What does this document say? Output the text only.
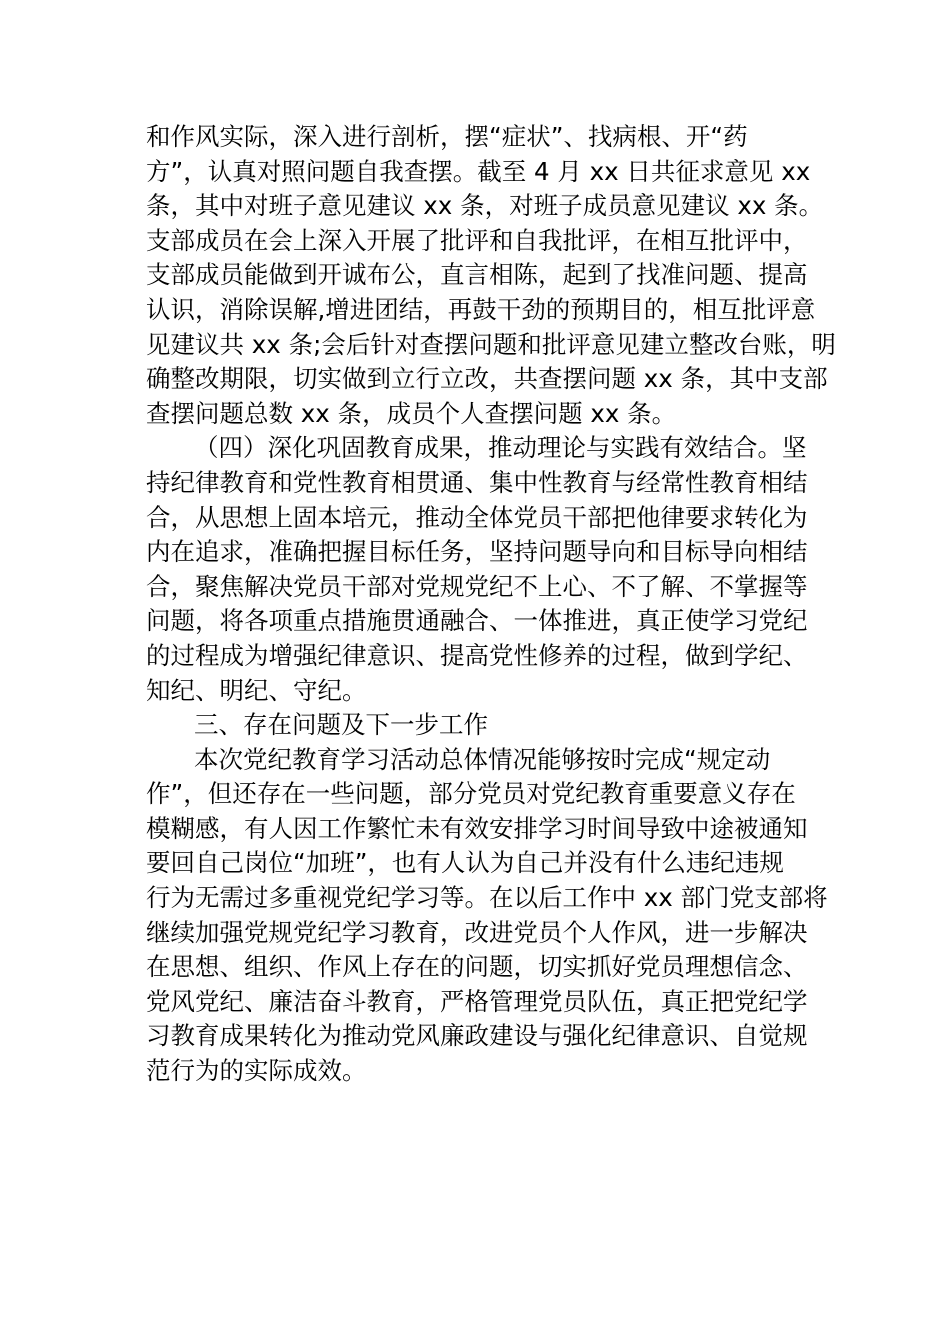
和作风实际，深入进行剖析，摆“症状”、找病根、开“药
方”，认真对照问题自我查摆。截至 4 月 xx 日共征求意见 xx
条，其中对班子意见建议 xx 条，对班子成员意见建议 xx 条。
支部成员在会上深入开展了批评和自我批评，在相互批评中，
支部成员能做到开诚布公，直言相陈，起到了找准问题、提高
认识，消除误解,增进团结，再鼓干劲的预期目的，相互批评意
见建议共 xx 条;会后针对查摆问题和批评意见建立整改台账，明
确整改期限，切实做到立行立改，共查摆问题 xx 条，其中支部
查摆问题总数 xx 条，成员个人查摆问题 xx 条。
（四）深化巩固教育成果，推动理论与实践有效结合。坚
持纪律教育和党性教育相贯通、集中性教育与经常性教育相结
合，从思想上固本培元，推动全体党员干部把他律要求转化为
内在追求，准确把握目标任务，坚持问题导向和目标导向相结
合，聚焦解决党员干部对党规党纪不上心、不了解、不掌握等
问题，将各项重点措施贯通融合、一体推进，真正使学习党纪
的过程成为增强纪律意识、提高党性修养的过程，做到学纪、
知纪、明纪、守纪。
三、存在问题及下一步工作
本次党纪教育学习活动总体情况能够按时完成“规定动
作”，但还存在一些问题，部分党员对党纪教育重要意义存在
模糊感，有人因工作繁忙未有效安排学习时间导致中途被通知
要回自己岗位“加班”，也有人认为自己并没有什么违纪违规
行为无需过多重视党纪学习等。在以后工作中 xx 部门党支部将
继续加强党规党纪学习教育，改进党员个人作风，进一步解决
在思想、组织、作风上存在的问题，切实抓好党员理想信念、
党风党纪、廉洁奋斗教育，严格管理党员队伍，真正把党纪学
习教育成果转化为推动党风廉政建设与强化纪律意识、自觉规
范行为的实际成效。
